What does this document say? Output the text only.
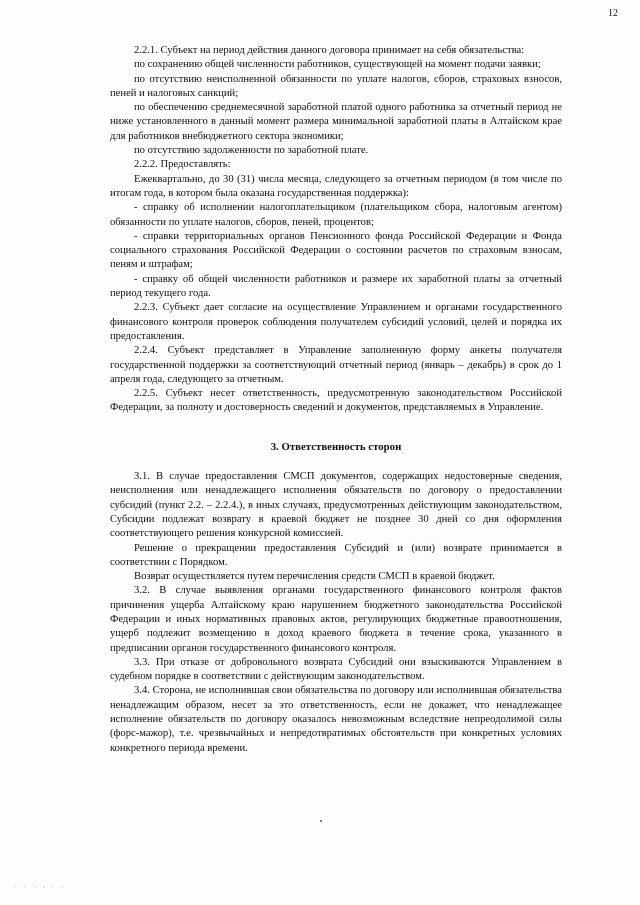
12

2.2.1. Субъект на период действия данного договора принимает на себя обязательства:

по сохранению общей численности работников, существующей на момент подачи заявки;

по отсутствию неисполненной обязанности по уплате налогов, сборов, страховых взносов, пеней и налоговых санкций;

по обеспечению среднемесячной заработной платой одного работника за отчетный период не ниже установленного в данный момент размера минимальной заработной платы в Алтайском крае для работников внебюджетного сектора экономики;

по отсутствию задолженности по заработной плате.

2.2.2. Предоставлять:

Ежеквартально, до 30 (31) числа месяца, следующего за отчетным периодом (в том числе по итогам года, в котором была оказана государственная поддержка):

- справку об исполнении налогоплательщиком (плательщиком сбора, налоговым агентом) обязанности по уплате налогов, сборов, пеней, процентов;

- справки территориальных органов Пенсионного фонда Российской Федерации и Фонда социального страхования Российской Федерации о состоянии расчетов по страховым взносам, пеням и штрафам;

- справку об общей численности работников и размере их заработной платы за отчетный период текущего года.

2.2.3. Субъект дает согласие на осуществление Управлением и органами государственного финансового контроля проверок соблюдения получателем субсидий условий, целей и порядка их предоставления.

2.2.4. Субъект представляет в Управление заполненную форму анкеты получателя государственной поддержки за соответствующий отчетный период (январь – декабрь) в срок до 1 апреля года, следующего за отчетным.

2.2.5. Субъект несет ответственность, предусмотренную законодательством Российской Федерации, за полноту и достоверность сведений и документов, представляемых в Управление.

3. Ответственность сторон

3.1. В случае предоставления СМСП документов, содержащих недостоверные сведения, неисполнения или ненадлежащего исполнения обязательств по договору о предоставлении субсидий (пункт 2.2. – 2.2.4.), в иных случаях, предусмотренных действующим законодательством, Субсидии подлежат возврату в краевой бюджет не позднее 30 дней со дня оформления соответствующего решения конкурсной комиссией.

Решение о прекращении предоставления Субсидий и (или) возврате принимается в соответствии с Порядком.

Возврат осуществляется путем перечисления средств СМСП в краевой бюджет.

3.2. В случае выявления органами государственного финансового контроля фактов причинения ущерба Алтайскому краю нарушением бюджетного законодательства Российской Федерации и иных нормативных правовых актов, регулирующих бюджетные правоотношения, ущерб подлежит возмещению в доход краевого бюджета в течение срока, указанного в предписании органов государственного финансового контроля.

3.3. При отказе от добровольного возврата Субсидий они взыскиваются Управлением в судебном порядке в соответствии с действующим законодательством.

3.4. Сторона, не исполнившая свои обязательства по договору или исполнившая обязательства ненадлежащим образом, несет за это ответственность, если не докажет, что ненадлежащее исполнение обязательств по договору оказалось невозможным вследствие непреодолимой силы (форс-мажор), т.е. чрезвычайных и непредотвратимых обстоятельств при конкретных условиях конкретного периода времени.

· · · · · ·
